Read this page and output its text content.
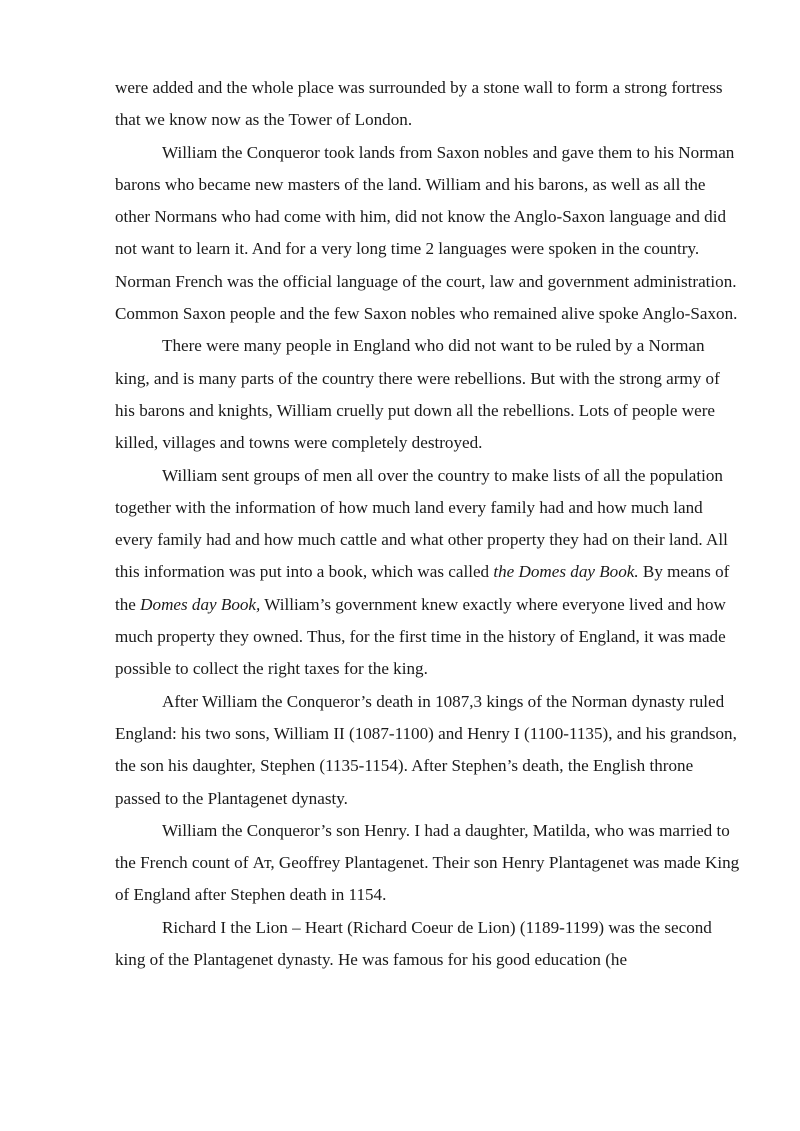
were added and the whole place was surrounded by a stone wall to form a strong fortress that we know now as the Tower of London.

William the Conqueror took lands from Saxon nobles and gave them to his Norman barons who became new masters of the land. William and his barons, as well as all the other Normans who had come with him, did not know the Anglo-Saxon language and did not want to learn it. And for a very long time 2 languages were spoken in the country. Norman French was the official language of the court, law and government administration. Common Saxon people and the few Saxon nobles who remained alive spoke Anglo-Saxon.

There were many people in England who did not want to be ruled by a Norman king, and is many parts of the country there were rebellions. But with the strong army of his barons and knights, William cruelly put down all the rebellions. Lots of people were killed, villages and towns were completely destroyed.

William sent groups of men all over the country to make lists of all the population together with the information of how much land every family had and how much land every family had and how much cattle and what other property they had on their land. All this information was put into a book, which was called the Domes day Book. By means of the Domes day Book, William’s government knew exactly where everyone lived and how much property they owned. Thus, for the first time in the history of England, it was made possible to collect the right taxes for the king.

After William the Conqueror’s death in 1087,3 kings of the Norman dynasty ruled England: his two sons, William II (1087-1100) and Henry I (1100-1135), and his grandson, the son his daughter, Stephen (1135-1154). After Stephen’s death, the English throne passed to the Plantagenet dynasty.

William the Conqueror’s son Henry. I had a daughter, Matilda, who was married to the French count of Ат, Geoffrey Plantagenet. Their son Henry Plantagenet was made King of England after Stephen death in 1154.

Richard I the Lion – Heart (Richard Coeur de Lion) (1189-1199) was the second king of the Plantagenet dynasty. He was famous for his good education (he
